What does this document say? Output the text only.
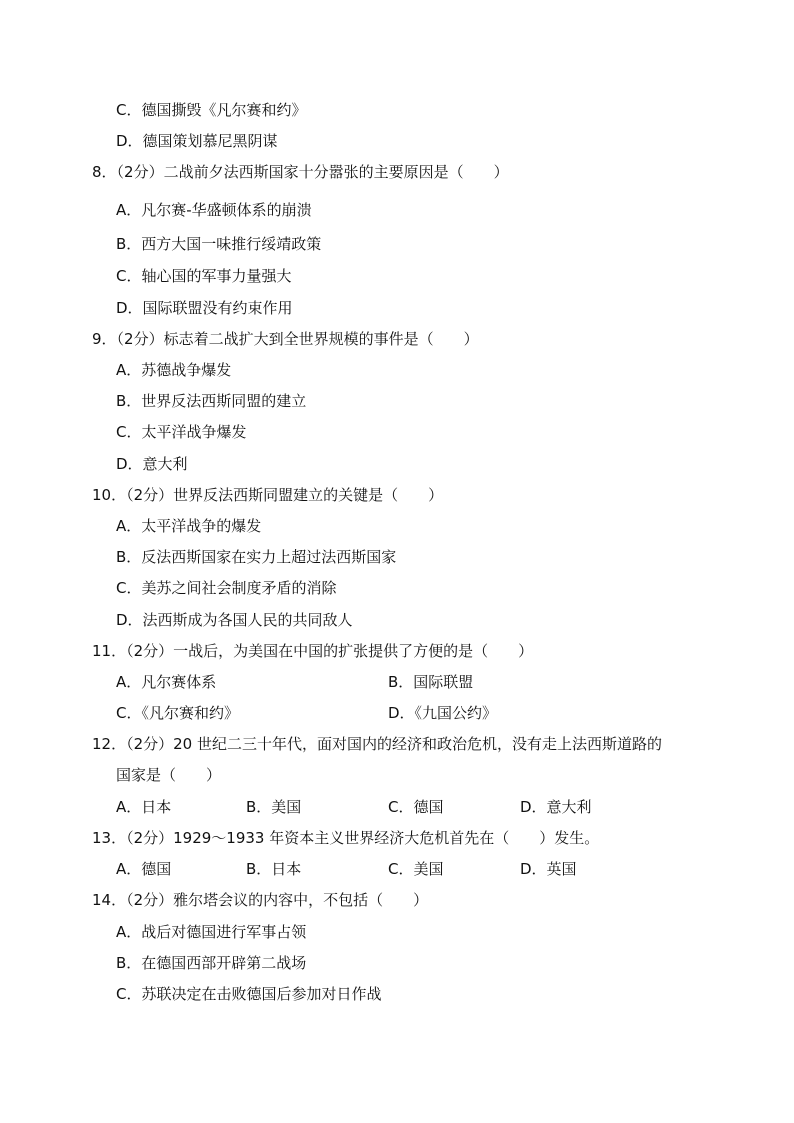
C．德国撕毁《凡尔赛和约》
D．德国策划慕尼黑阴谋
8．（2分）二战前夕法西斯国家十分嚣张的主要原因是（　　）
A．凡尔赛-华盛顿体系的崩溃
B．西方大国一味推行绥靖政策
C．轴心国的军事力量强大
D．国际联盟没有约束作用
9．（2分）标志着二战扩大到全世界规模的事件是（　　）
A．苏德战争爆发
B．世界反法西斯同盟的建立
C．太平洋战争爆发
D．意大利
10．（2分）世界反法西斯同盟建立的关键是（　　）
A．太平洋战争的爆发
B．反法西斯国家在实力上超过法西斯国家
C．美苏之间社会制度矛盾的消除
D．法西斯成为各国人民的共同敌人
11．（2分）一战后，为美国在中国的扩张提供了方便的是（　　）
A．凡尔赛体系	B．国际联盟
C．《凡尔赛和约》	D．《九国公约》
12．（2分）20 世纪二三十年代，面对国内的经济和政治危机，没有走上法西斯道路的
国家是（　　）
A．日本	B．美国	C．德国	D．意大利
13．（2分）1929～1933 年资本主义世界经济大危机首先在（　　）发生。
A．德国	B．日本	C．美国	D．英国
14．（2分）雅尔塔会议的内容中，不包括（　　）
A．战后对德国进行军事占领
B．在德国西部开辟第二战场
C．苏联决定在击败德国后参加对日作战
